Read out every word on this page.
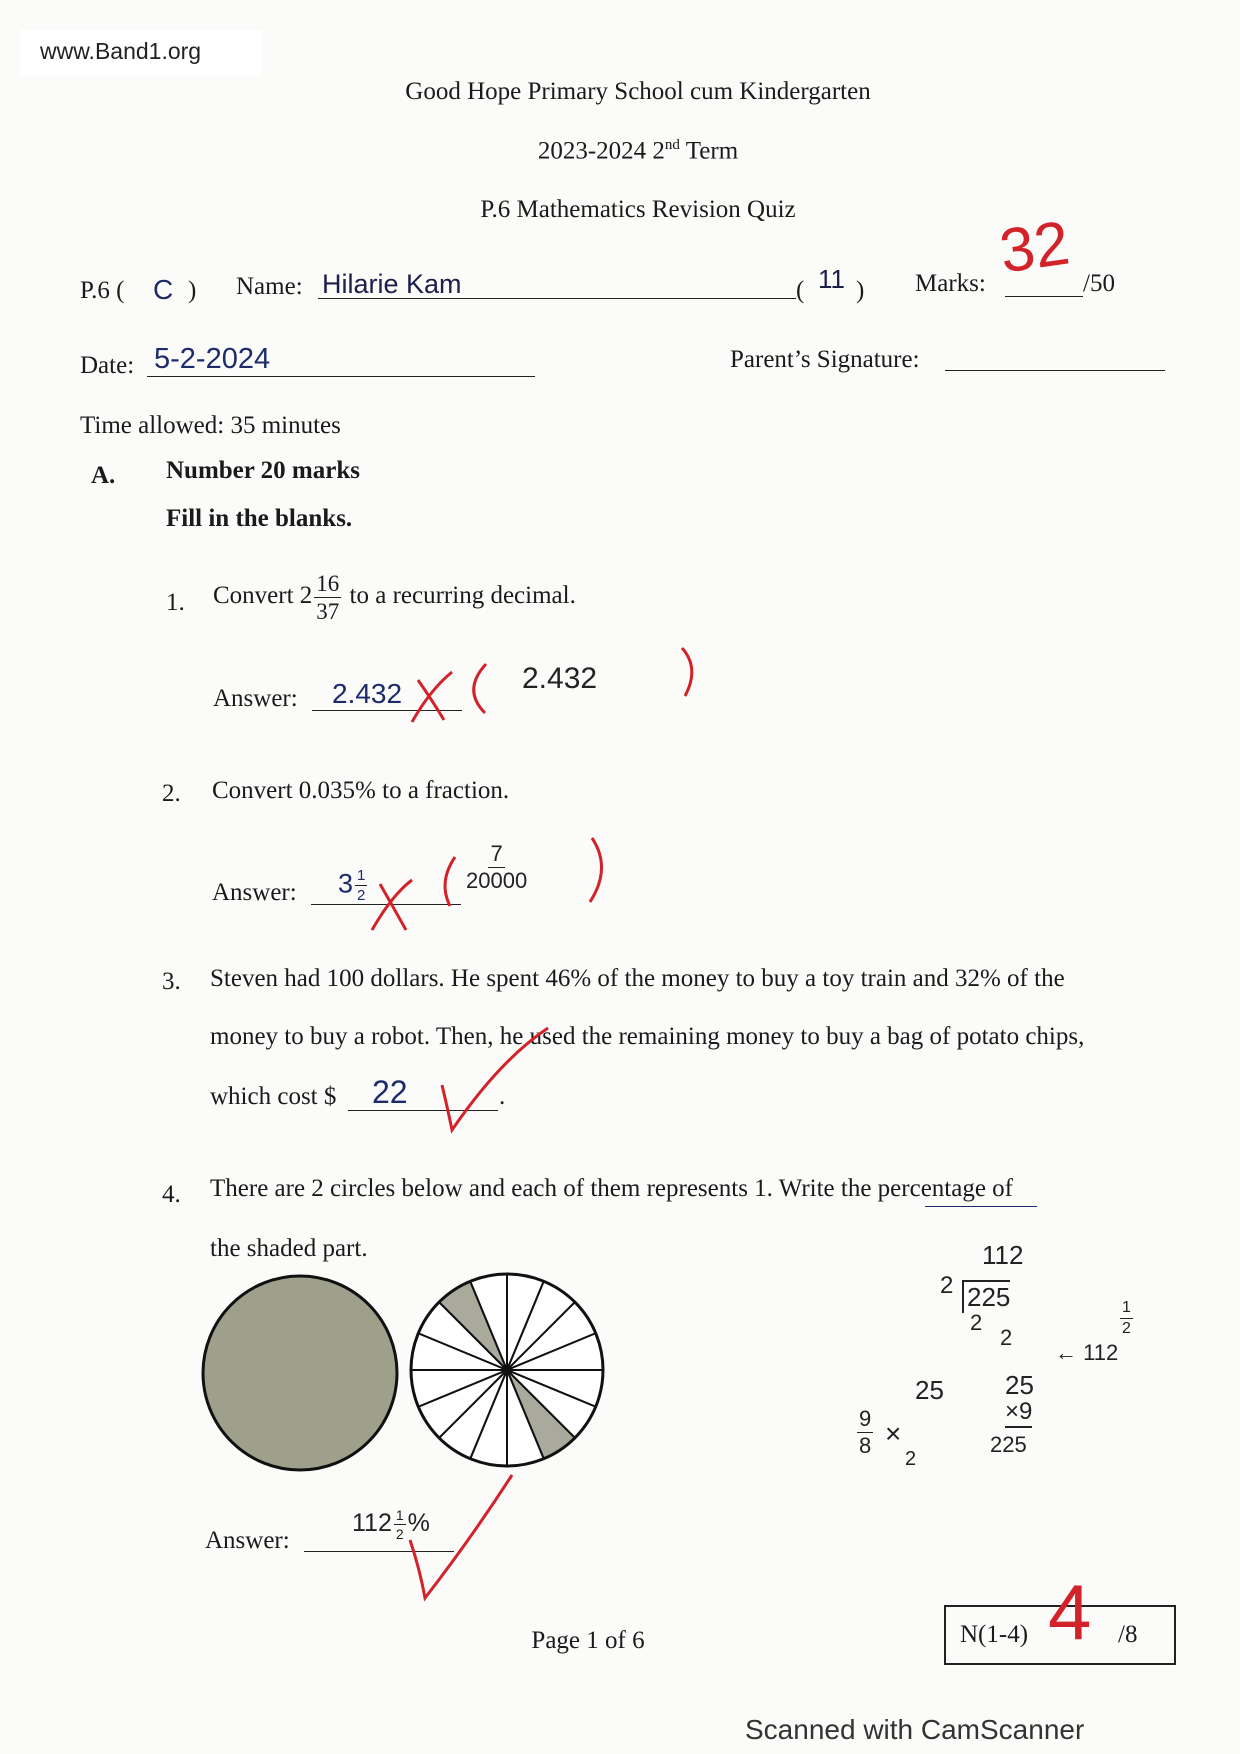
www.Band1.org
Good Hope Primary School cum Kindergarten
2023-2024 2nd Term
P.6 Mathematics Revision Quiz
P.6 ( C ) Name: Hilarie Kam	( 11 ) Marks: 32 /50
Date: 5-2-2024	Parent’s Signature:
Time allowed: 35 minutes
A. Number 20 marks
Fill in the blanks.
1. Convert $2 \frac{16}{37}$ to a recurring decimal.
Answer: 2.432	2.432
2. Convert 0.035% to a fraction.
Answer: $3 \frac{1}{2}$	$\frac{7}{20000}$
3. Steven had 100 dollars. He spent 46% of the money to buy a toy train and 32% of the
money to buy a robot. Then, he used the remaining money to buy a bag of potato chips,
which cost $ 22	.
4. There are 2 circles below and each of them represents 1. Write the percentage of
the shaded part.
Answer:
$112 \frac{1}{2}$ %
112
2 225
2
2
← 112
$\frac{1}{2}$
25
×9
225
$\frac{9}{8}$ ×
25
2
Page 1 of 6	N(1-4) 4 /8
Scanned with CamScanner
